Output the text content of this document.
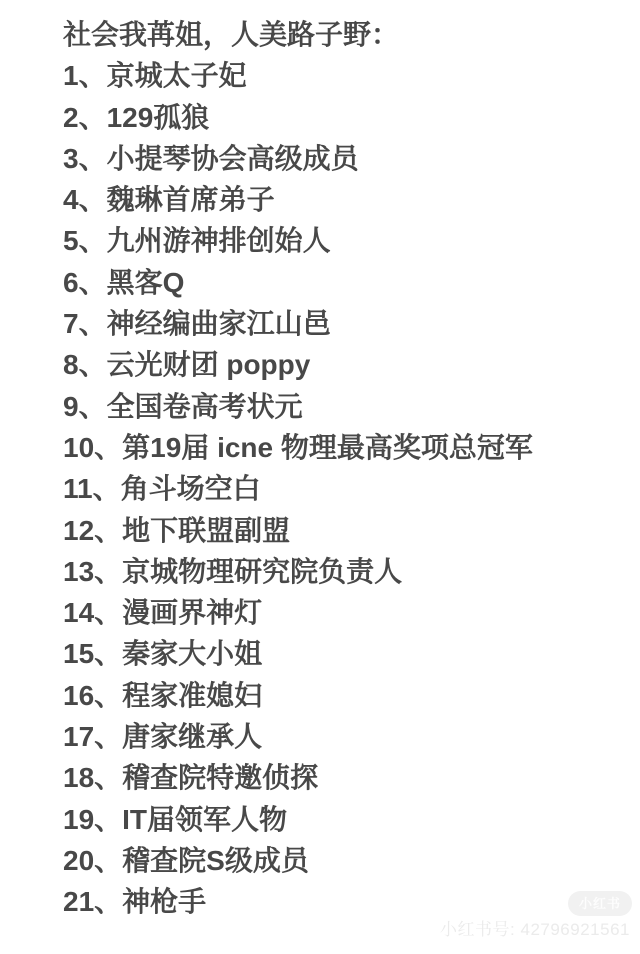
社会我苒姐，人美路子野：
1、京城太子妃
2、129孤狼
3、小提琴协会高级成员
4、魏琳首席弟子
5、九州游神排创始人
6、黑客Q
7、神经编曲家江山邑
8、云光财团 poppy
9、全国卷高考状元
10、第19届 icne 物理最高奖项总冠军
11、角斗场空白
12、地下联盟副盟
13、京城物理研究院负责人
14、漫画界神灯
15、秦家大小姐
16、程家准媳妇
17、唐家继承人
18、稽查院特邀侦探
19、IT届领军人物
20、稽查院S级成员
21、神枪手	小红书
小红书号: 42796921561
